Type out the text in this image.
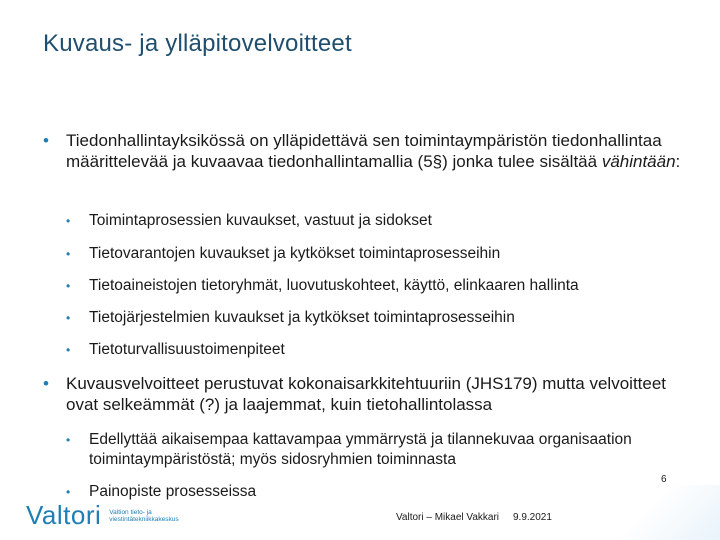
Kuvaus- ja ylläpitovelvoitteet
• Tiedonhallintayksikössä on ylläpidettävä sen toimintaympäristön tiedonhallintaa määrittelevää ja kuvaavaa tiedonhallintamallia (5§) jonka tulee sisältää vähintään:
• Toimintaprosessien kuvaukset, vastuut ja sidokset
• Tietovarantojen kuvaukset ja kytkökset toimintaprosesseihin
• Tietoaineistojen tietoryhmät, luovutuskohteet, käyttö, elinkaaren hallinta
• Tietojärjestelmien kuvaukset ja kytkökset toimintaprosesseihin
• Tietoturvallisuustoimenpiteet
• Kuvausvelvoitteet perustuvat kokonaisarkkitehtuuriin (JHS179) mutta velvoitteet ovat selkeämmät (?) ja laajemmat, kuin tietohallintolassa
• Edellyttää aikaisempaa kattavampaa ymmärrystä ja tilannekuvaa organisaation toimintaympäristöstä; myös sidosryhmien toiminnasta
• Painopiste prosesseissa
6
Valtori Valtion tieto- ja viestintätekniikkakeskus	Valtori – Mikael Vakkari 9.9.2021
